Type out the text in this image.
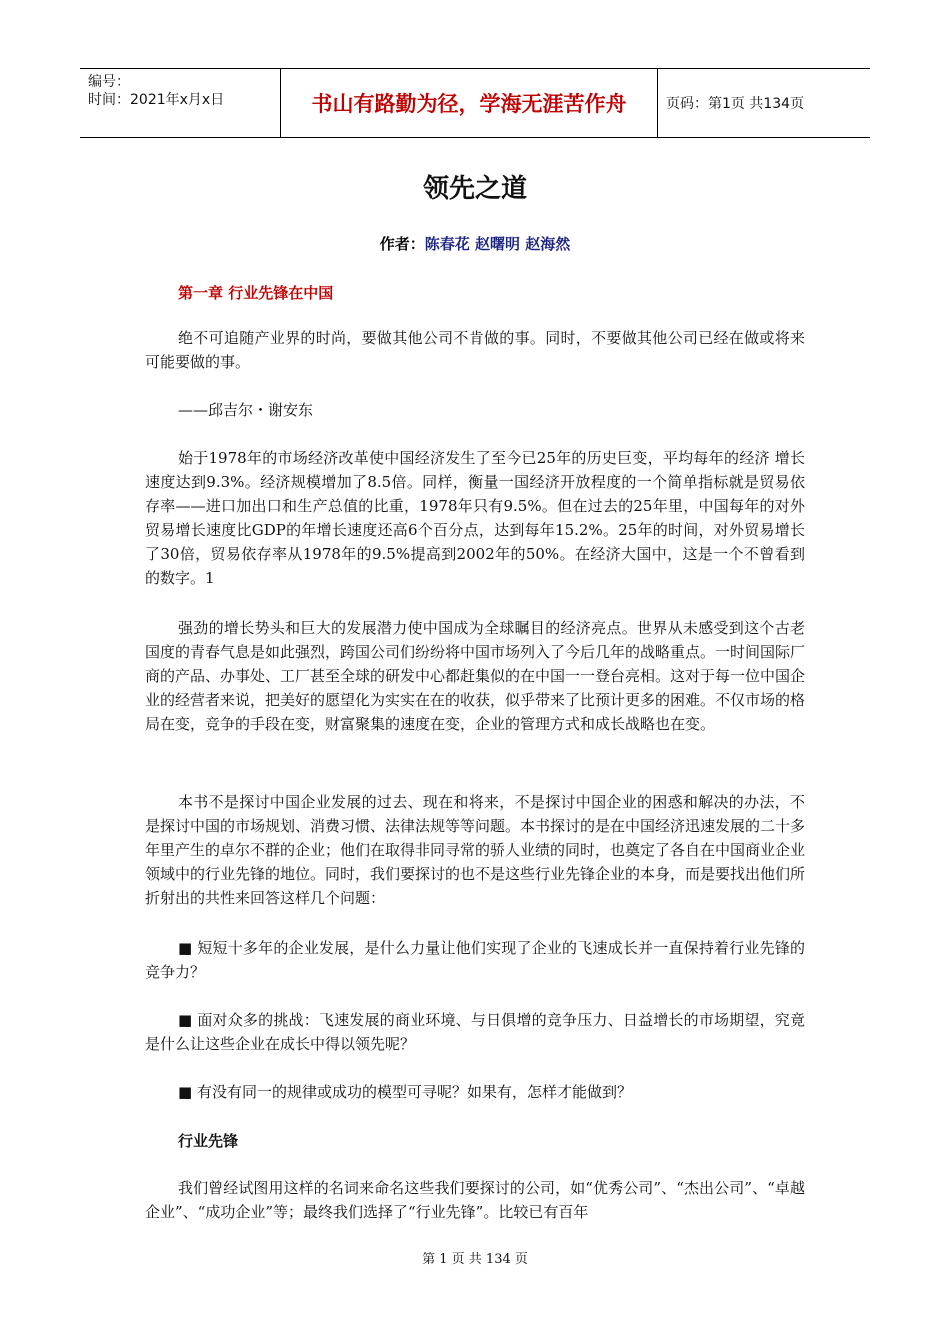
编号：
时间：2021年x月x日	书山有路勤为径，学海无涯苦作舟	页码：第1页 共134页
领先之道
作者：陈春花 赵曙明 赵海然
第一章 行业先锋在中国

绝不可追随产业界的时尚，要做其他公司不肯做的事。同时，不要做其他公司已经在做或将来可能要做的事。

——邱吉尔・谢安东

始于1978年的市场经济改革使中国经济发生了至今已25年的历史巨变，平均每年的经济 增长速度达到9.3%。经济规模增加了8.5倍。同样，衡量一国经济开放程度的一个简单指标就是贸易依存率——进口加出口和生产总值的比重，1978年只有9.5%。但在过去的25年里，中国每年的对外贸易增长速度比GDP的年增长速度还高6个百分点，达到每年15.2%。25年的时间，对外贸易增长了30倍，贸易依存率从1978年的9.5%提高到2002年的50%。在经济大国中，这是一个不曾看到的数字。1

强劲的增长势头和巨大的发展潜力使中国成为全球瞩目的经济亮点。世界从未感受到这个古老国度的青春气息是如此强烈，跨国公司们纷纷将中国市场列入了今后几年的战略重点。一时间国际厂商的产品、办事处、工厂甚至全球的研发中心都赶集似的在中国一一登台亮相。这对于每一位中国企业的经营者来说，把美好的愿望化为实实在在的收获，似乎带来了比预计更多的困难。不仅市场的格局在变，竞争的手段在变，财富聚集的速度在变，企业的管理方式和成长战略也在变。

本书不是探讨中国企业发展的过去、现在和将来，不是探讨中国企业的困惑和解决的办法，不是探讨中国的市场规划、消费习惯、法律法规等等问题。本书探讨的是在中国经济迅速发展的二十多年里产生的卓尔不群的企业；他们在取得非同寻常的骄人业绩的同时，也奠定了各自在中国商业企业领域中的行业先锋的地位。同时，我们要探讨的也不是这些行业先锋企业的本身，而是要找出他们所折射出的共性来回答这样几个问题：

■ 短短十多年的企业发展，是什么力量让他们实现了企业的飞速成长并一直保持着行业先锋的竞争力？

■ 面对众多的挑战：飞速发展的商业环境、与日俱增的竞争压力、日益增长的市场期望，究竟是什么让这些企业在成长中得以领先呢？

■ 有没有同一的规律或成功的模型可寻呢？如果有，怎样才能做到？

行业先锋

我们曾经试图用这样的名词来命名这些我们要探讨的公司，如“优秀公司”、“杰出公司”、“卓越企业”、“成功企业”等；最终我们选择了“行业先锋”。比较已有百年

第 1 页 共 134 页
